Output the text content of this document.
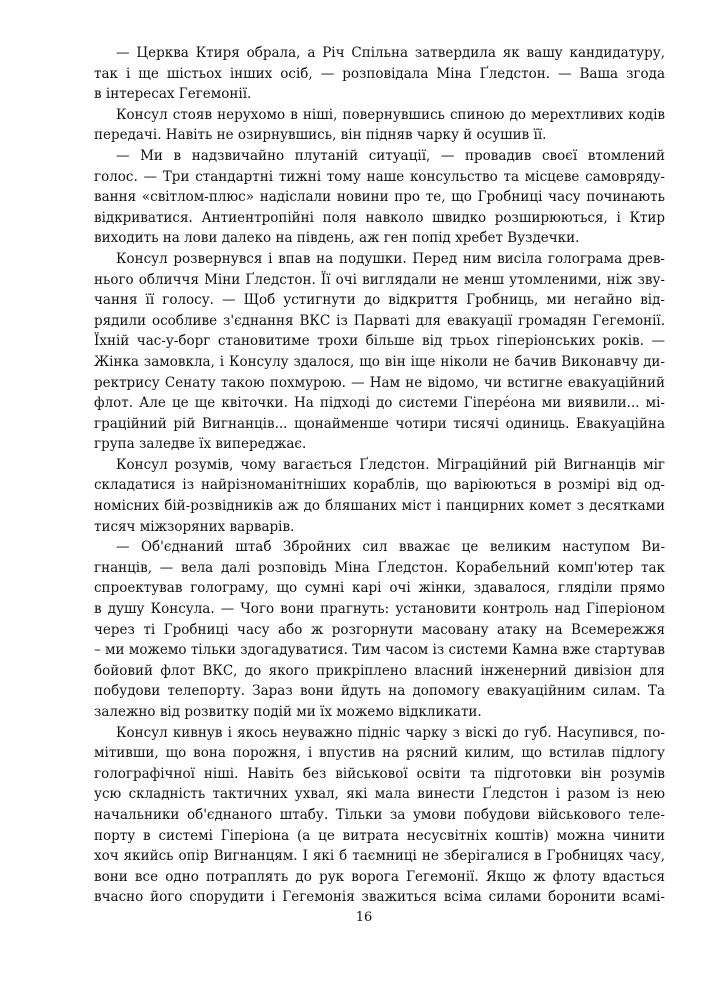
— Церква Ктиря обрала, а Річ Спільна затвердила як вашу кандидатуру,
так і ще шістьох інших осіб, — розповідала Міна Ґледстон. — Ваша згода
в інтересах Гегемонії.
Консул стояв нерухомо в ніші, повернувшись спиною до мерехтливих кодів
передачі. Навіть не озирнувшись, він підняв чарку й осушив її.
— Ми в надзвичайно плутаній ситуації, — провадив своєї втомлений
голос. — Три стандартні тижні тому наше консульство та місцеве самовряду-
вання «світлом-плюс» надіслали новини про те, що Гробниці часу починають
відкриватися. Антиентропійні поля навколо швидко розширюються, і Ктир
виходить на лови далеко на південь, аж ген попід хребет Вуздечки.
Консул розвернувся і впав на подушки. Перед ним висіла голограма древ-
нього обличчя Міни Ґледстон. Її очі виглядали не менш утомленими, ніж зву-
чання її голосу. — Щоб устигнути до відкриття Гробниць, ми негайно від-
рядили особливе з'єднання ВКС із Парваті для евакуації громадян Гегемонії.
Їхній час-у-борг становитиме трохи більше від трьох гіперіонських років. —
Жінка замовкла, і Консулу здалося, що він іще ніколи не бачив Виконавчу ди-
ректрису Сенату такою похмурою. — Нам не відомо, чи встигне евакуаційний
флот. Але це ще квіточки. На підході до системи Гіпеpéона ми виявили... мі-
граційний рій Вигнанців... щонайменше чотири тисячі одиниць. Евакуаційна
група заледве їх випереджає.
Консул розумів, чому вагається Ґледстон. Міграційний рій Вигнанців міг
складатися із найрізноманітніших кораблів, що варіюються в розмірі від од-
номісних бій-розвідників аж до бляшаних міст і панцирних комет з десятками
тисяч міжзоряних варварів.
— Об'єднаний штаб Збройних сил вважає це великим наступом Ви-
гнанців, — вела далі розповідь Міна Ґледстон. Корабельний комп'ютер так
спроектував голограму, що сумні карі очі жінки, здавалося, гляділи прямо
в душу Консула. — Чого вони прагнуть: установити контроль над Гіперіоном
через ті Гробниці часу або ж розгорнути масовану атаку на Всемережжя
– ми можемо тільки здогадуватися. Тим часом із системи Камна вже стартував
бойовий флот ВКС, до якого прикріплено власний інженерний дивізіон для
побудови телепорту. Зараз вони йдуть на допомогу евакуаційним силам. Та
залежно від розвитку подій ми їх можемо відкликати.
Консул кивнув і якось неуважно підніс чарку з віскі до губ. Насупився, по-
мітивши, що вона порожня, і впустив на рясний килим, що встилав підлогу
голографічної ніші. Навіть без військової освіти та підготовки він розумів
усю складність тактичних ухвал, які мала винести Ґледстон і разом із нею
начальники об'єднаного штабу. Тільки за умови побудови військового теле-
порту в системі Гіперіона (а це витрата несусвітніх коштів) можна чинити
хоч якийсь опір Вигнанцям. І які б таємниці не зберігалися в Гробницях часу,
вони все одно потраплять до рук ворога Гегемонії. Якщо ж флоту вдасться
вчасно його спорудити і Гегемонія зважиться всіма силами боронити всамі-
16
